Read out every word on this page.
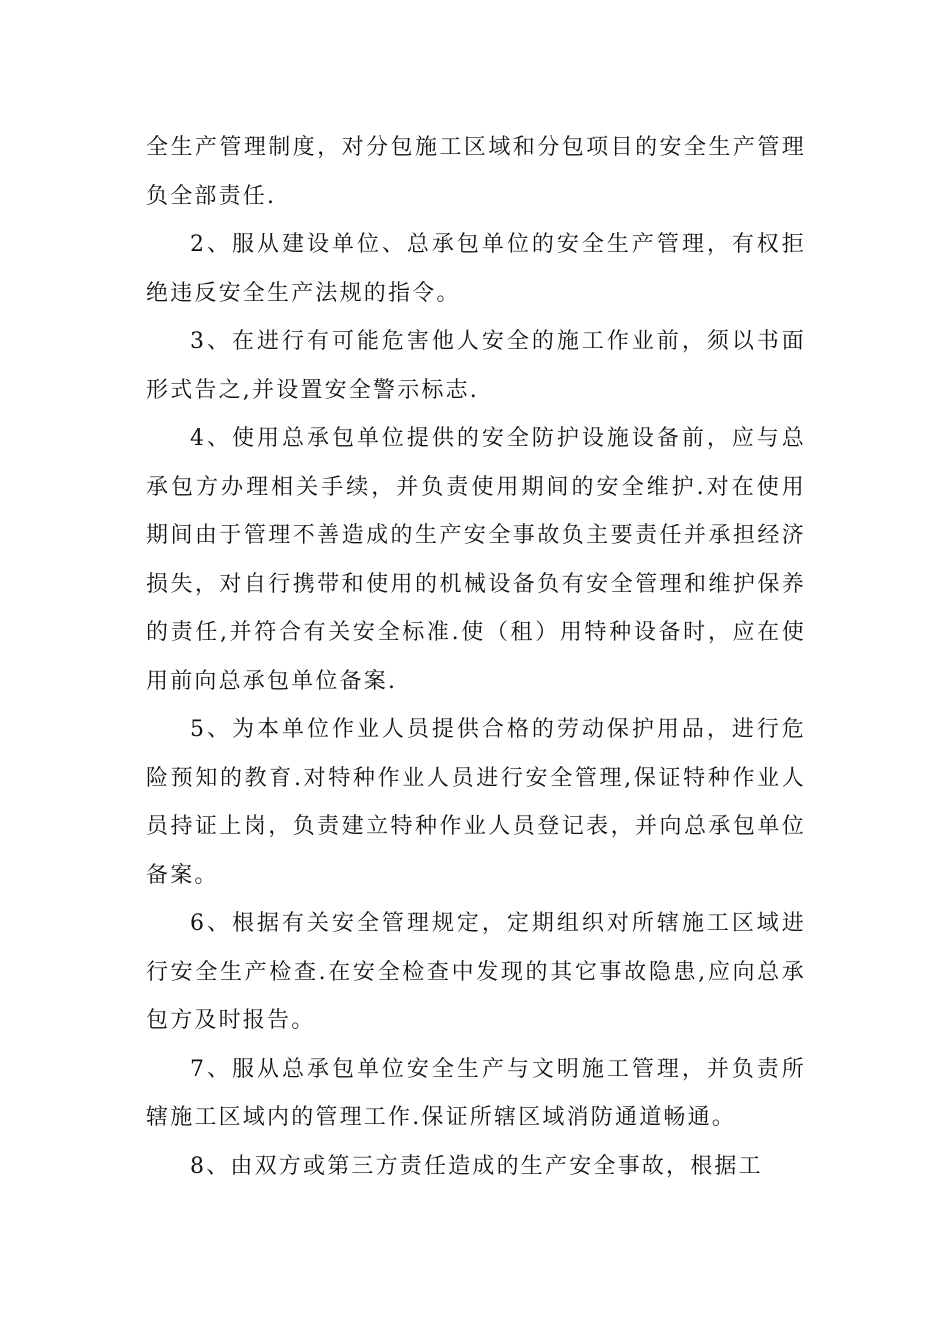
全生产管理制度，对分包施工区域和分包项目的安全生产管理负全部责任.

2、服从建设单位、总承包单位的安全生产管理，有权拒绝违反安全生产法规的指令。

3、在进行有可能危害他人安全的施工作业前，须以书面形式告之,并设置安全警示标志.

4、使用总承包单位提供的安全防护设施设备前，应与总承包方办理相关手续，并负责使用期间的安全维护.对在使用期间由于管理不善造成的生产安全事故负主要责任并承担经济损失，对自行携带和使用的机械设备负有安全管理和维护保养的责任,并符合有关安全标准.使（租）用特种设备时，应在使用前向总承包单位备案.

5、为本单位作业人员提供合格的劳动保护用品，进行危险预知的教育.对特种作业人员进行安全管理,保证特种作业人员持证上岗，负责建立特种作业人员登记表，并向总承包单位备案。

6、根据有关安全管理规定，定期组织对所辖施工区域进行安全生产检查.在安全检查中发现的其它事故隐患,应向总承包方及时报告。

7、服从总承包单位安全生产与文明施工管理，并负责所辖施工区域内的管理工作.保证所辖区域消防通道畅通。

8、由双方或第三方责任造成的生产安全事故，根据工
